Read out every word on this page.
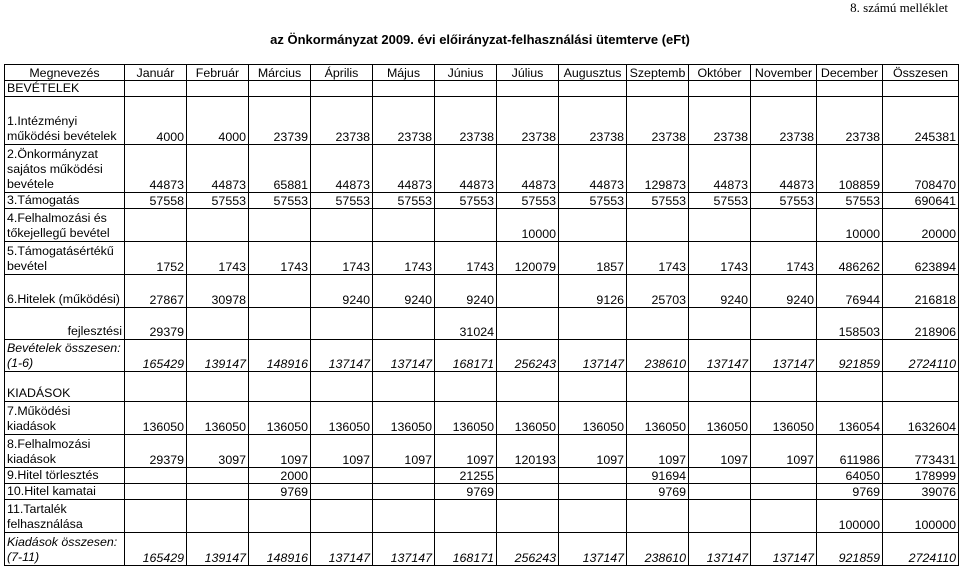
8. számú melléklet
az Önkormányzat 2009. évi előirányzat-felhasználási ütemterve (eFt)
Megnevezés	Január	Február	Március	Április	Május	Június	Július	Augusztus	Szeptemb	Október	November	December	Összesen
BEVÉTELEK													
1.Intézményi működési bevételek	4000	4000	23739	23738	23738	23738	23738	23738	23738	23738	23738	23738	245381
2.Önkormányzat sajátos működési bevétele	44873	44873	65881	44873	44873	44873	44873	44873	129873	44873	44873	108859	708470
3.Támogatás	57558	57553	57553	57553	57553	57553	57553	57553	57553	57553	57553	57553	690641
4.Felhalmozási és tőkejellegű bevétel							10000					10000	20000
5.Támogatásértékű bevétel	1752	1743	1743	1743	1743	1743	120079	1857	1743	1743	1743	486262	623894
6.Hitelek (működési)	27867	30978		9240	9240	9240		9126	25703	9240	9240	76944	216818
fejlesztési	29379					31024						158503	218906
Bevételek összesen:(1-6)	165429	139147	148916	137147	137147	168171	256243	137147	238610	137147	137147	921859	2724110
KIADÁSOK													
7.Működési kiadások	136050	136050	136050	136050	136050	136050	136050	136050	136050	136050	136050	136054	1632604
8.Felhalmozási kiadások	29379	3097	1097	1097	1097	1097	120193	1097	1097	1097	1097	611986	773431
9.Hitel törlesztés			2000			21255			91694			64050	178999
10.Hitel kamatai			9769			9769			9769			9769	39076
11.Tartalék felhasználása												100000	100000
Kiadások összesen:(7-11)	165429	139147	148916	137147	137147	168171	256243	137147	238610	137147	137147	921859	2724110
